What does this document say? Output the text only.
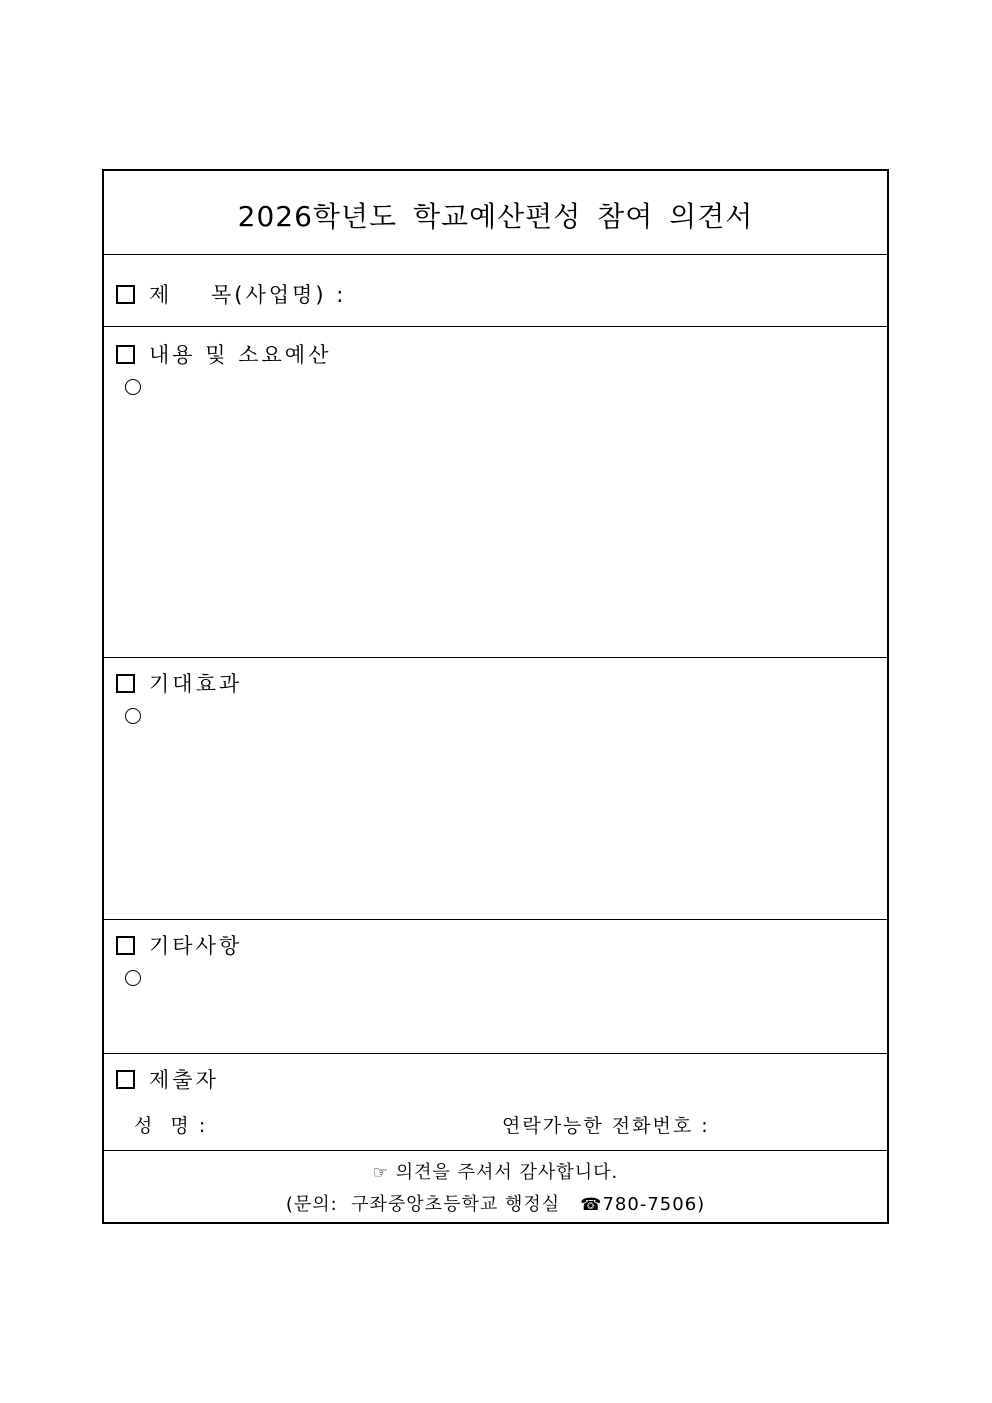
2026학년도 학교예산편성 참여 의견서
제    목(사업명) :
내용 및 소요예산
기대효과
기타사항
제출자
성  명 :	연락가능한 전화번호 :
☞ 의견을 주셔서 감사합니다.
(문의:  구좌중앙초등학교 행정실 ☎780-7506)
